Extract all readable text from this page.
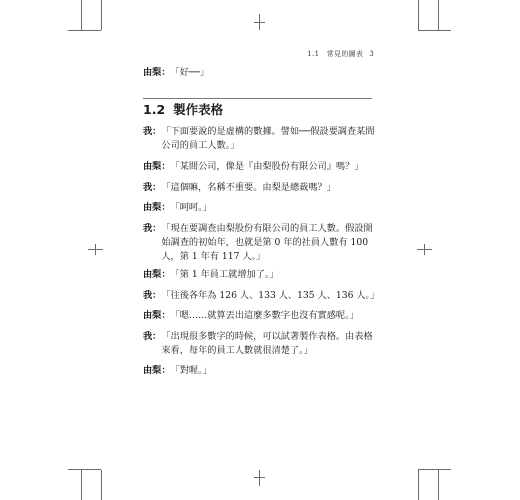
1.1　常見的圖表 3
由梨： 「好──」
1.2 製作表格
我： 「下面要說的是虛構的數據。譬如──假設要調查某間公司的員工人數。」
由梨： 「某間公司，像是『由梨股份有限公司』嗎？」
我： 「這個嘛，名稱不重要。由梨是總裁嗎？」
由梨： 「呵呵。」
我： 「現在要調查由梨股份有限公司的員工人數。假設開始調查的初始年，也就是第 0 年的社員人數有 100 人，第 1 年有 117 人。」
由梨： 「第 1 年員工就增加了。」
我： 「往後各年為 126 人、133 人、135 人、136 人。」
由梨： 「嗯……就算丟出這麼多數字也沒有實感呢。」
我： 「出現很多數字的時候，可以試著製作表格。由表格來看，每年的員工人數就很清楚了。」
由梨： 「對喔。」
